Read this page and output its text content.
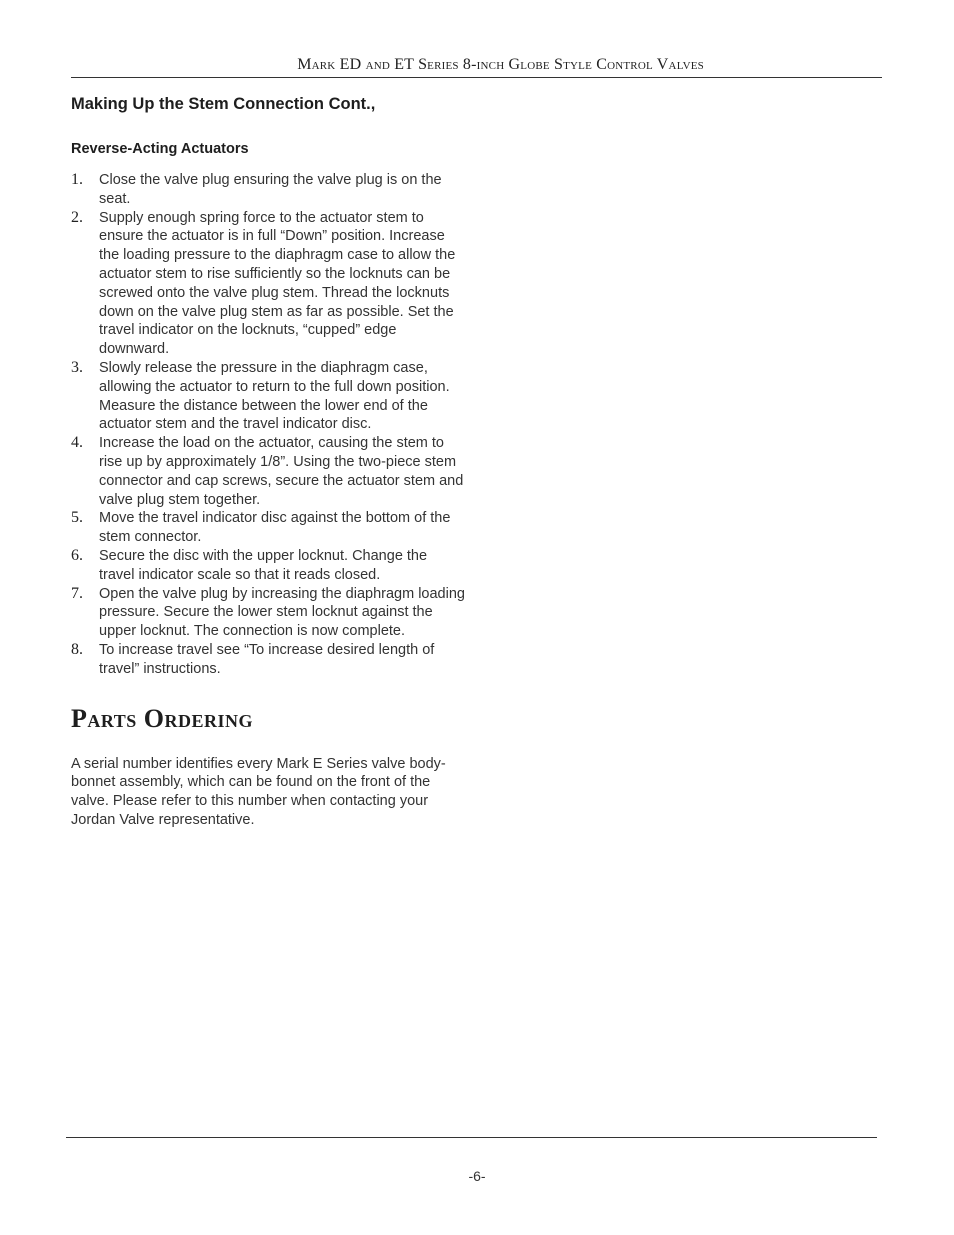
Mark ED and ET Series 8-inch Globe Style Control Valves
Making Up the Stem Connection Cont.,
Reverse-Acting Actuators
1.	Close the valve plug ensuring the valve plug is on the seat.
2.	Supply enough spring force to the actuator stem to ensure the actuator is in full “Down” position. Increase the loading pressure to the diaphragm case to allow the actuator stem to rise sufficiently so the locknuts can be screwed onto the valve plug stem. Thread the locknuts down on the valve plug stem as far as possible. Set the travel indicator on the locknuts, “cupped” edge downward.
3.	Slowly release the pressure in the diaphragm case, allowing the actuator to return to the full down position. Measure the distance between the lower end of the actuator stem and the travel indicator disc.
4.	Increase the load on the actuator, causing the stem to rise up by approximately 1/8”. Using the two-piece stem connector and cap screws, secure the actuator stem and valve plug stem together.
5.	Move the travel indicator disc against the bottom of the stem connector.
6.	Secure the disc with the upper locknut. Change the travel indicator scale so that it reads closed.
7.	Open the valve plug by increasing the diaphragm loading pressure. Secure the lower stem locknut against the upper locknut. The connection is now complete.
8.	To increase travel see “To increase desired length of travel” instructions.
Parts Ordering

A serial number identifies every Mark E Series valve body-bonnet assembly, which can be found on the front of the valve. Please refer to this number when contacting your Jordan Valve representative.

-6-
